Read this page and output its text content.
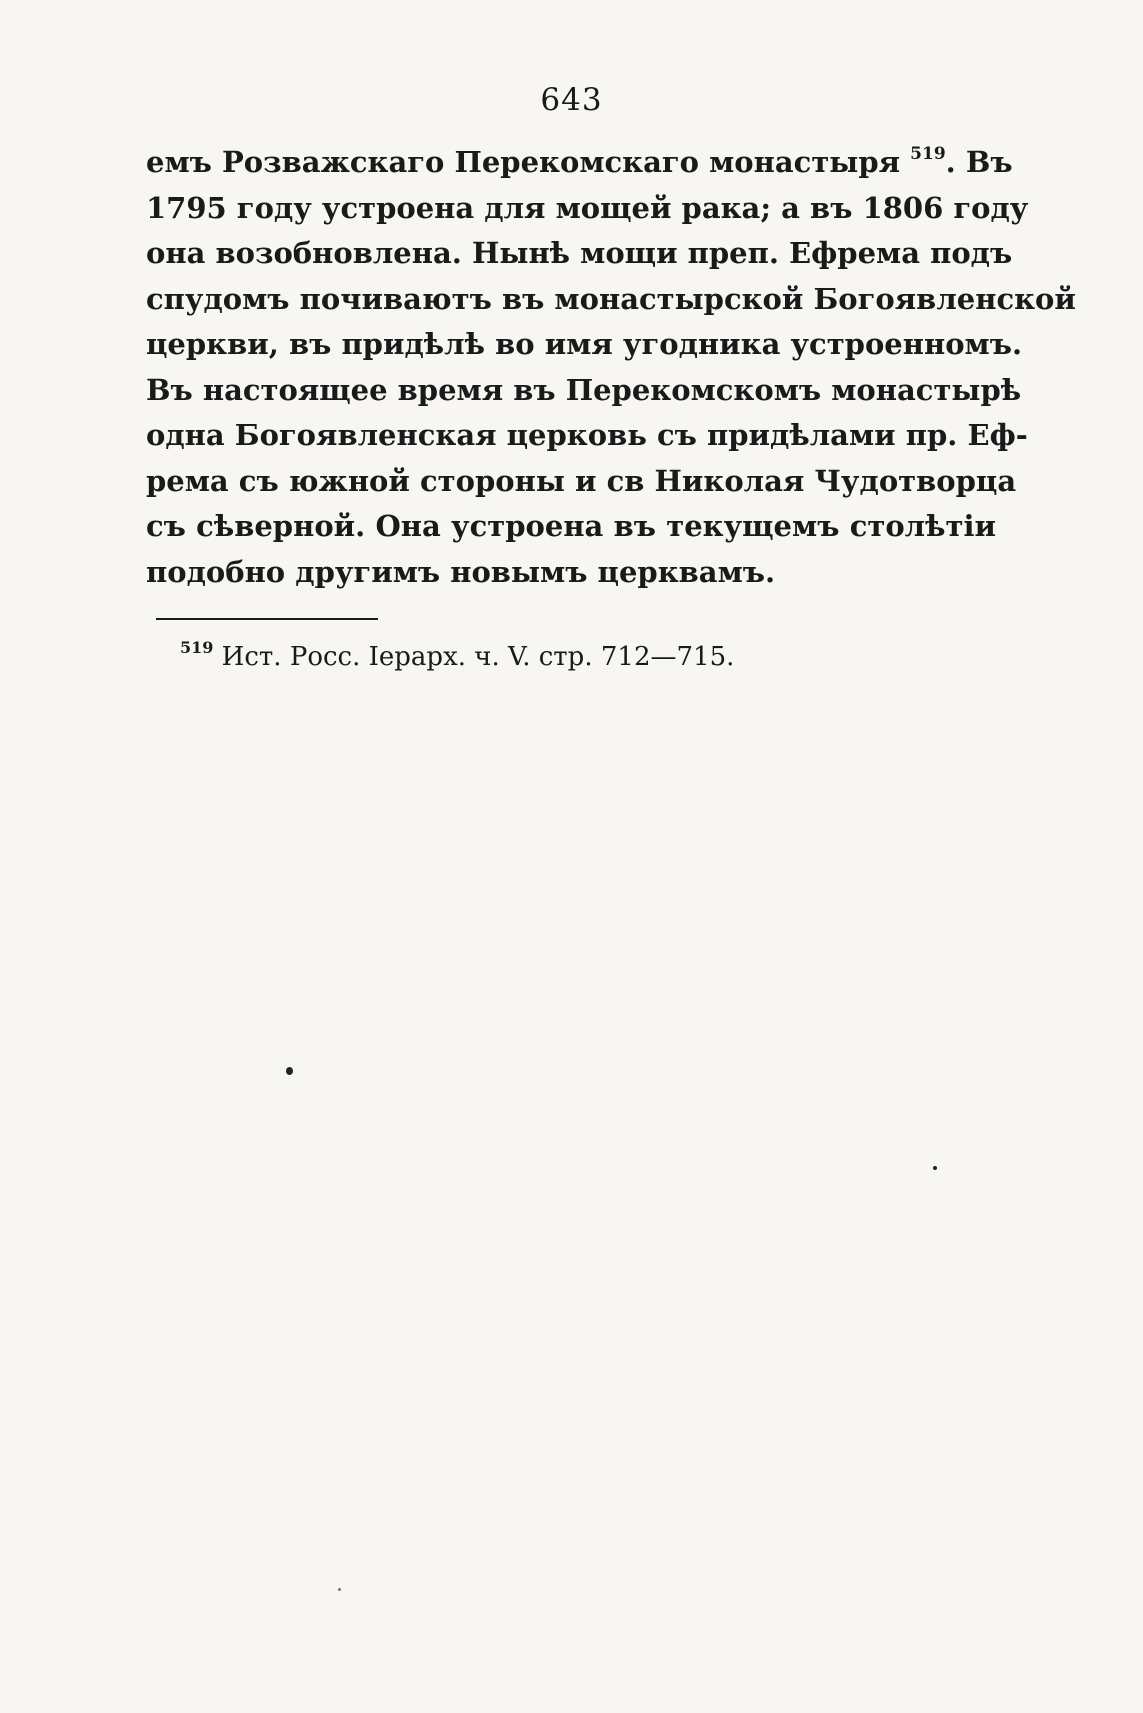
643
емъ Розважскаго Перекомскаго монастыря $^{519}$. Въ
1795 году устроена для мощей рака; а въ 1806 году
она возобновлена. Нынѣ мощи преп. Ефрема подъ
спудомъ почиваютъ въ монастырской Богоявленской
церкви, въ придѣлѣ во имя угодника устроенномъ.
Въ настоящее время въ Перекомскомъ монастырѣ
одна Богоявленская церковь съ придѣлами пр. Еф-
рема съ южной стороны и св Николая Чудотворца
съ сѣверной. Она устроена въ текущемъ столѣтіи
подобно другимъ новымъ церквамъ.
$^{519}$ Ист. Росс. Іерарх. ч. V. стр. 712—715.
